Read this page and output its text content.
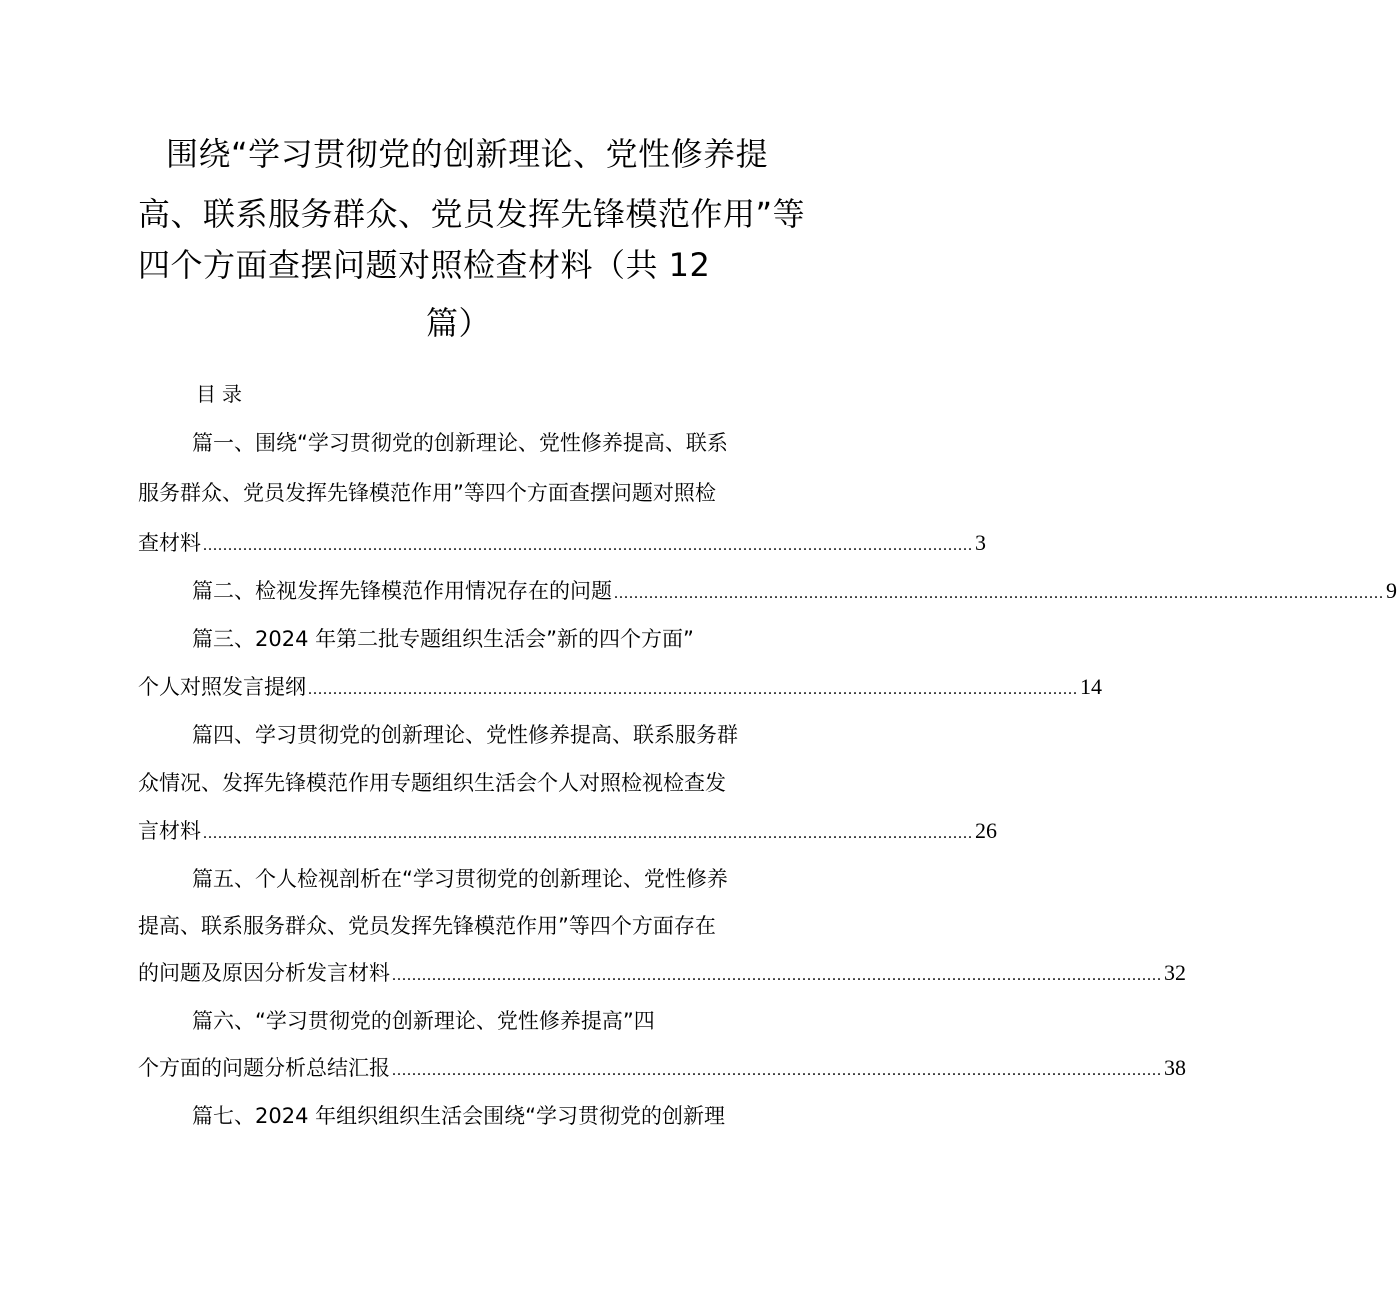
围绕“学习贯彻党的创新理论、党性修养提
高、联系服务群众、党员发挥先锋模范作用”等
四个方面查摆问题对照检查材料（共 12
篇）
目录
篇一、围绕“学习贯彻党的创新理论、党性修养提高、联系
服务群众、党员发挥先锋模范作用”等四个方面查摆问题对照检
查材料 .......................................................................................................................................................... 3
篇二、检视发挥先锋模范作用情况存在的问题 .......................................................................................................................................................... 9
篇三、2024 年第二批专题组织生活会”新的四个方面”
个人对照发言提纲 .......................................................................................................................................................... 14
篇四、学习贯彻党的创新理论、党性修养提高、联系服务群
众情况、发挥先锋模范作用专题组织生活会个人对照检视检查发
言材料 .......................................................................................................................................................... 26
篇五、个人检视剖析在“学习贯彻党的创新理论、党性修养
提高、联系服务群众、党员发挥先锋模范作用”等四个方面存在
的问题及原因分析发言材料 .......................................................................................................................................................... 32
篇六、“学习贯彻党的创新理论、党性修养提高”四
个方面的问题分析总结汇报 .......................................................................................................................................................... 38
篇七、2024 年组织组织生活会围绕“学习贯彻党的创新理
